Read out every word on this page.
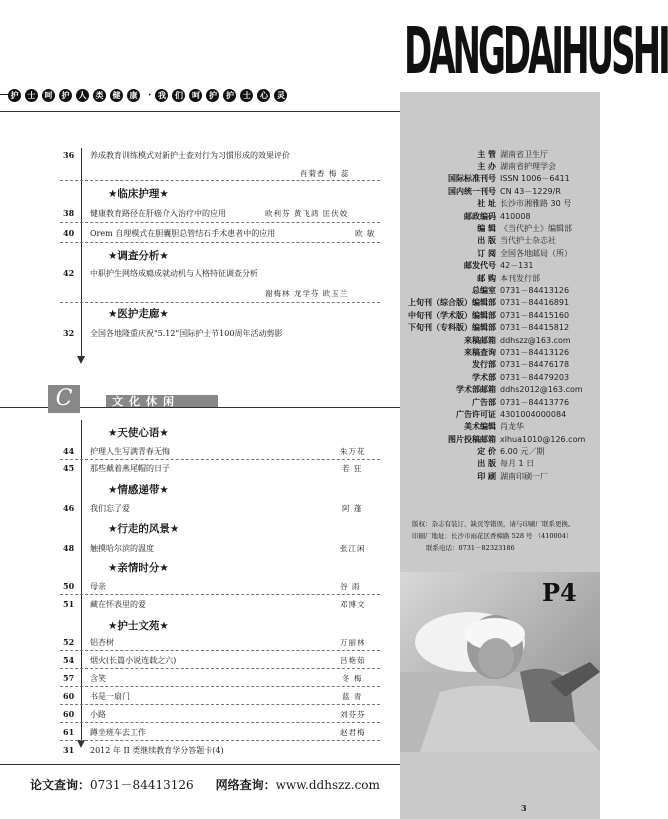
DANGDAIHUSHI
护	士	呵	护	人	类	健	康 · 我	们	呵	护	护	士	心	灵
主 管 湖南省卫生厅
主 办 湖南省护理学会
国际标准刊号 ISSN 1006－6411
国内统一刊号 CN 43－1229/R
社 址 长沙市湘雅路 30 号
邮政编码 410008
编 辑 《当代护士》编辑部
出 版 当代护士杂志社
订 阅 全国各地邮局（所）
邮发代号 42－131
邮 购 本刊发行部
总编室 0731－84413126
上旬刊（综合版）编辑部 0731－84416891
中旬刊（学术版）编辑部 0731－84415160
下旬刊（专科版）编辑部 0731－84415812
来稿邮箱 ddhszz@163.com
来稿查询 0731－84413126
发行部 0731－84476178
学术部 0731－84479203
学术部邮箱 ddhs2012@163.com
广告部 0731－84413776
广告许可证 4301004000084
美术编辑 肖龙华
图片投稿邮箱 xlhua1010@126.com
定 价 6.00 元／期
出 版 每月 1 日
印 刷 湖南印刷一厂
版权：杂志有装订、缺页等错误，请与印刷厂联系更换。
印刷厂地址：长沙市雨花区香樟路 528 号 （410004）
联系电话：0731－82323186
P4
3
36	养成教育训练模式对新护士查对行为习惯形成的效果评价
肖菊香 梅 蕊
★临床护理★
38	健康教育路径在肝癌介入治疗中的应用	欧利芬 黄飞鸿 匡伏姣
40	Orem 自理模式在胆囊胆总管结石手术患者中的应用	欧 敏
★调查分析★
42	中职护生网络成瘾成就动机与人格特征调查分析
谢梅林 龙学芬 欧玉兰
★医护走廊★
32	全国各地隆重庆祝"5.12"国际护士节100周年活动剪影
C	文化休闲
★天使心语★
44	护理人生写满青春无悔	朱万花
45	那些戴着燕尾帽的日子	若 狂
★情感递带★
46	我们忘了爱	阿 蓬
★行走的风景★
48	触摸哈尔滨的温度	张江闲
★亲情时分★
50	母亲	谷 雨
51	藏在怀表里的爱	邓博文
★护士文苑★
52	铝杏树	万丽林
54	烟火(长篇小说连载之六)	吕艳茹
57	含笑	冬 梅
60	书是一扇门	蓝 青
60	小路	刘芬芬
61	蹲坐班车去工作	赵君梅
31	2012 年 II 类继续教育学分答题卡(4)
论文查询：0731－84413126 网络查询：www.ddhszz.com
